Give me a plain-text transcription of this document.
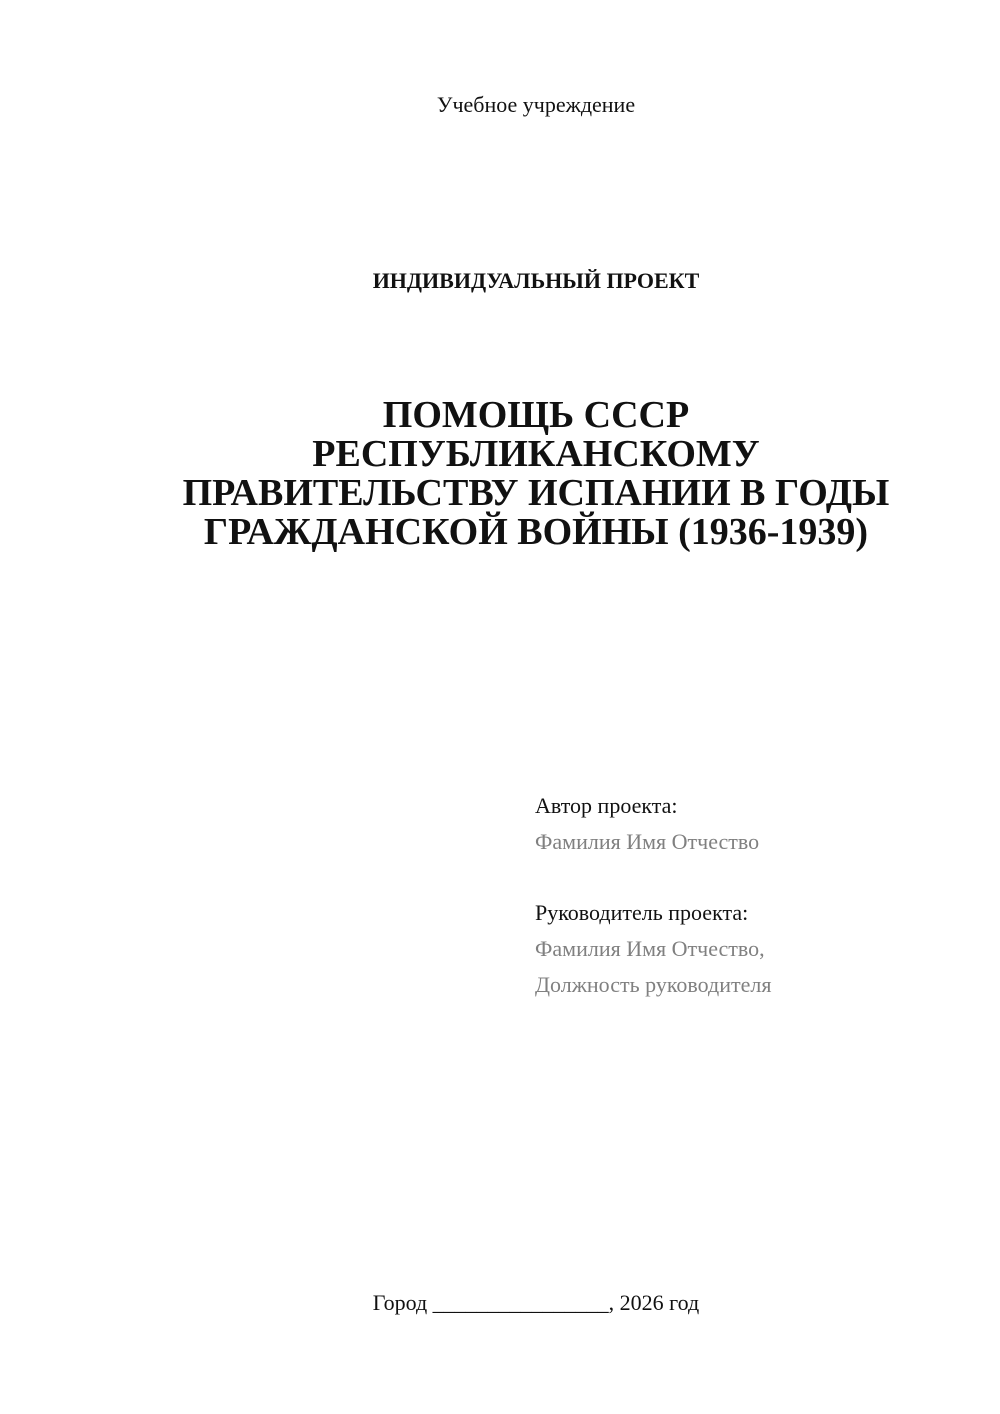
Учебное учреждение
ИНДИВИДУАЛЬНЫЙ ПРОЕКТ
ПОМОЩЬ СССР
РЕСПУБЛИКАНСКОМУ
ПРАВИТЕЛЬСТВУ ИСПАНИИ В ГОДЫ
ГРАЖДАНСКОЙ ВОЙНЫ (1936-1939)
Автор проекта:
Фамилия Имя Отчество
Руководитель проекта:
Фамилия Имя Отчество,
Должность руководителя
Город ________________, 2026 год
